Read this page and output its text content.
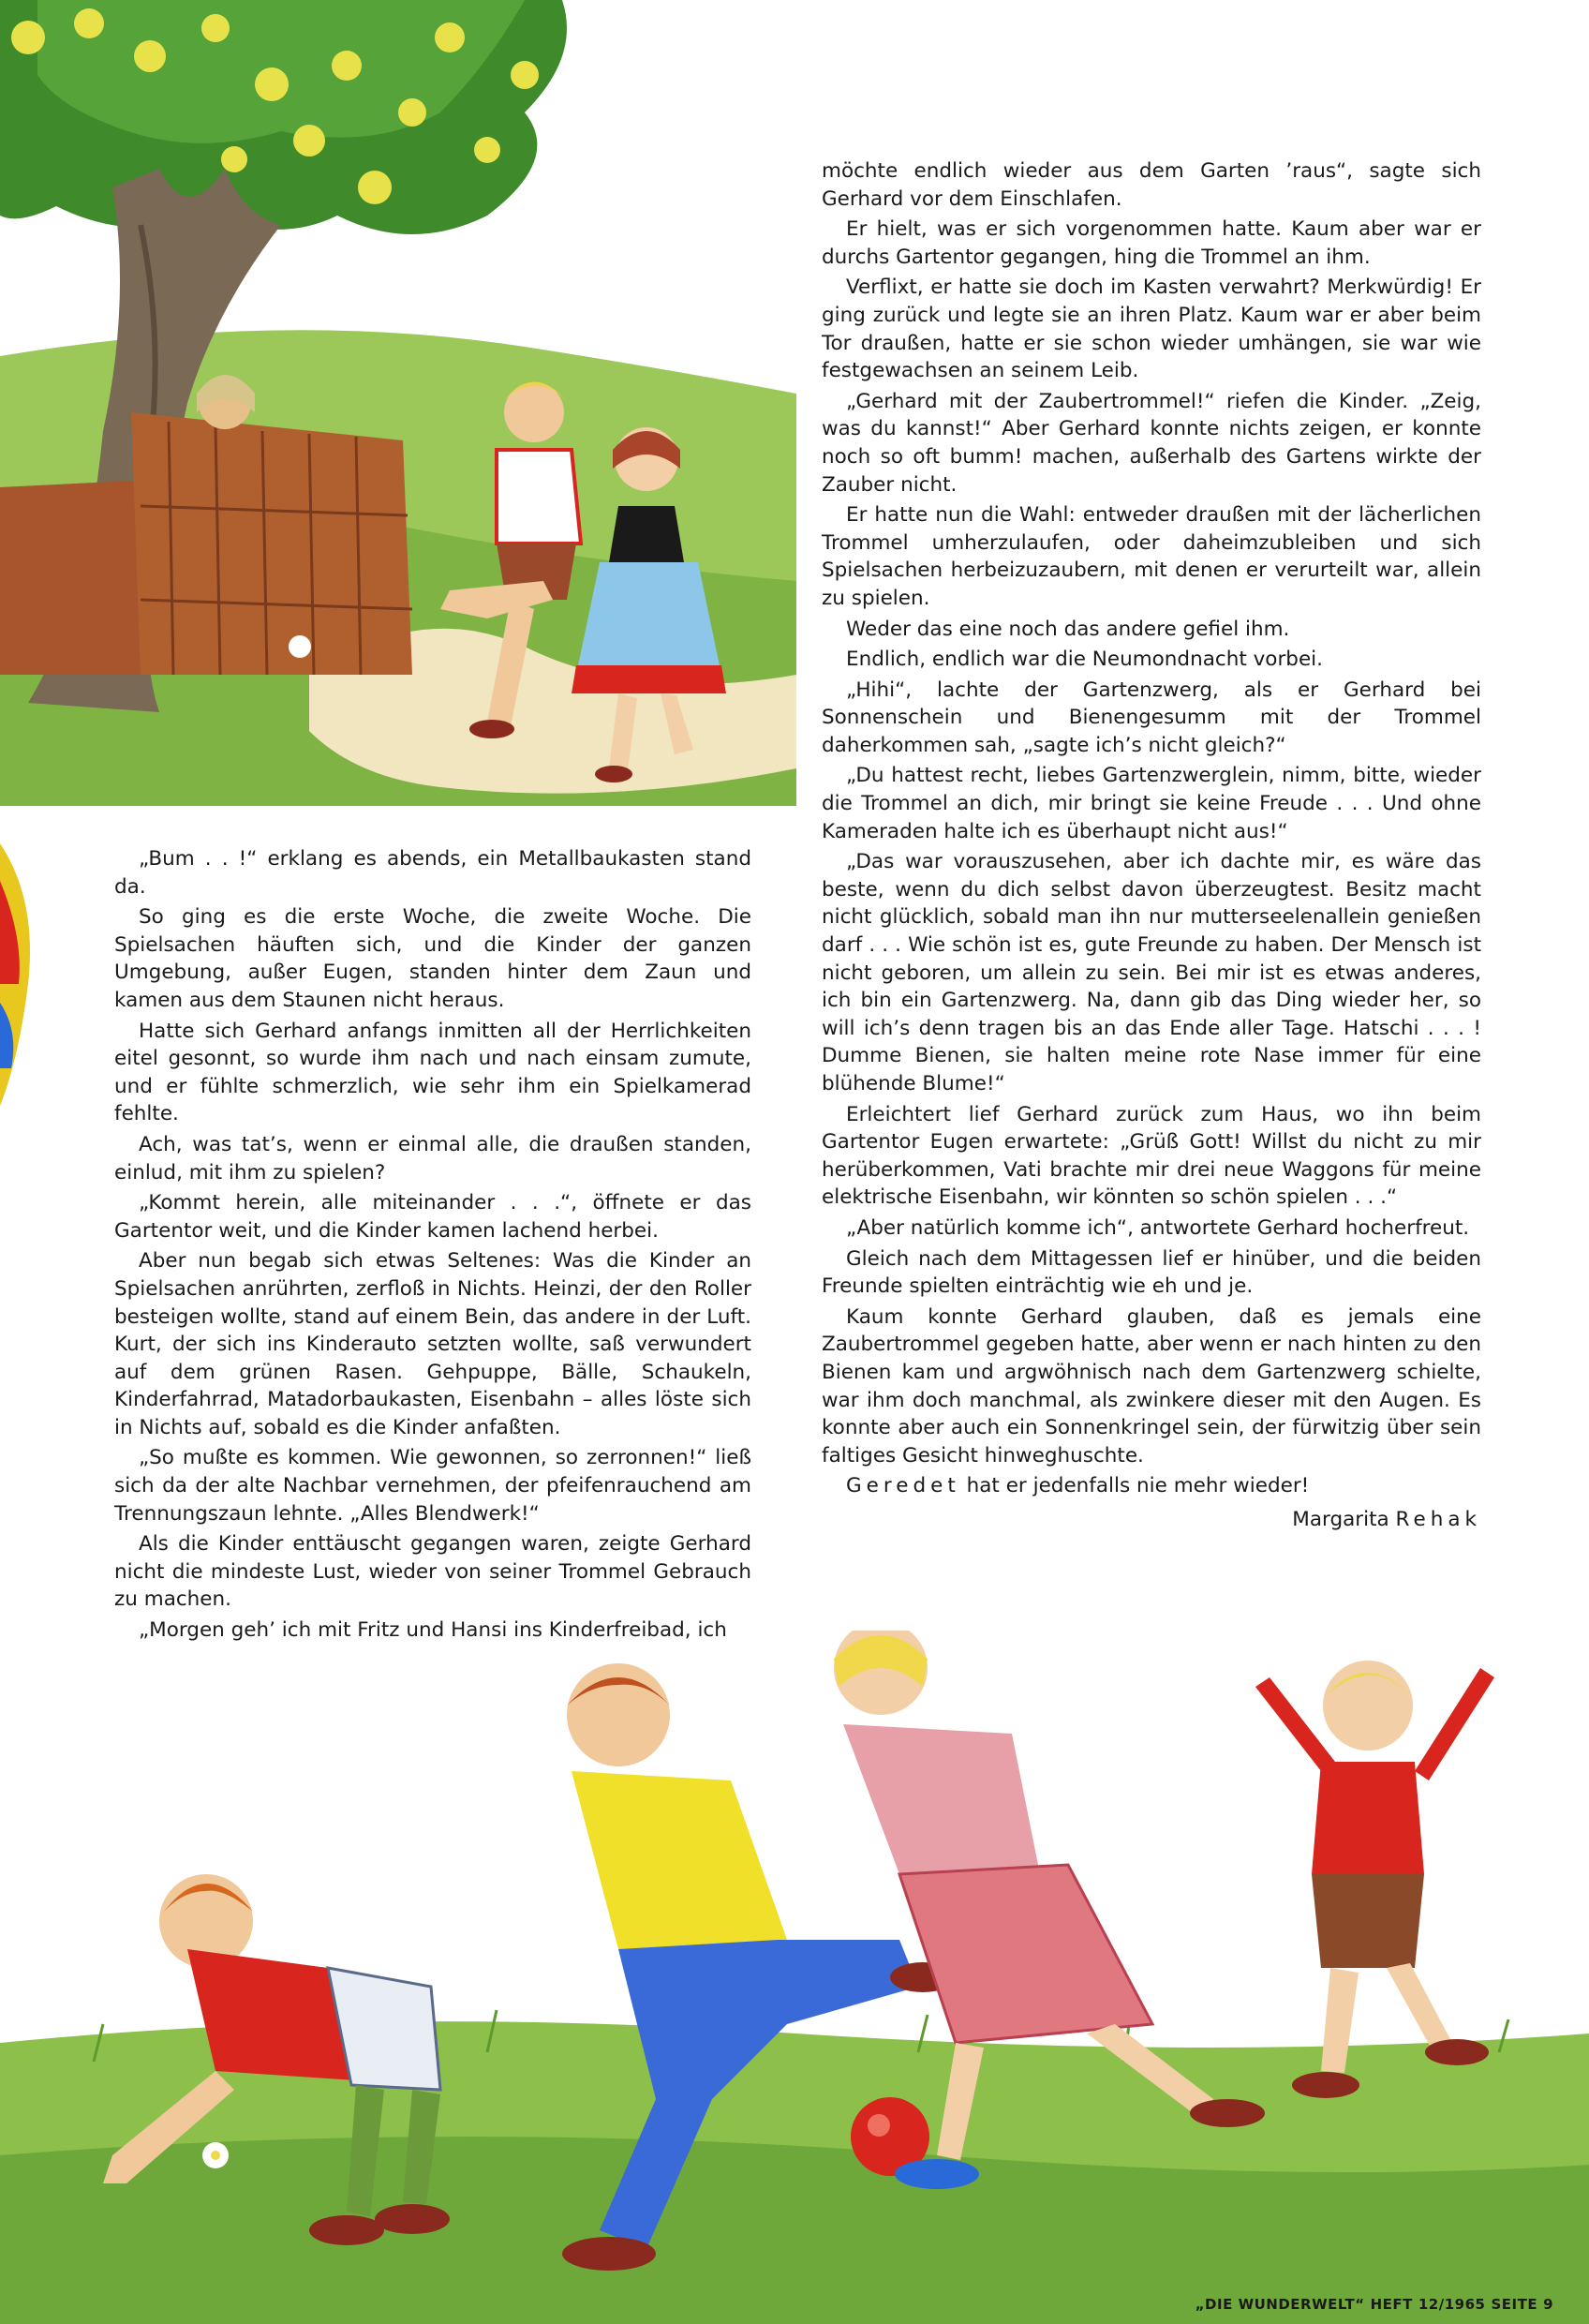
möchte endlich wieder aus dem Garten ’raus“, sagte sich Gerhard vor dem Einschlafen.

Er hielt, was er sich vorgenommen hatte. Kaum aber war er durchs Gartentor gegangen, hing die Trommel an ihm.

Verflixt, er hatte sie doch im Kasten verwahrt? Merkwürdig! Er ging zurück und legte sie an ihren Platz. Kaum war er aber beim Tor draußen, hatte er sie schon wieder umhängen, sie war wie festgewachsen an seinem Leib.

„Gerhard mit der Zaubertrommel!“ riefen die Kinder. „Zeig, was du kannst!“ Aber Gerhard konnte nichts zeigen, er konnte noch so oft bumm! machen, außerhalb des Gartens wirkte der Zauber nicht.

Er hatte nun die Wahl: entweder draußen mit der lächerlichen Trommel umherzulaufen, oder daheimzubleiben und sich Spielsachen herbeizuzaubern, mit denen er verurteilt war, allein zu spielen.

Weder das eine noch das andere gefiel ihm.

Endlich, endlich war die Neumondnacht vorbei.

„Hihi“, lachte der Gartenzwerg, als er Gerhard bei Sonnenschein und Bienengesumm mit der Trommel daherkommen sah, „sagte ich’s nicht gleich?“

„Du hattest recht, liebes Gartenzwerglein, nimm, bitte, wieder die Trommel an dich, mir bringt sie keine Freude . . . Und ohne Kameraden halte ich es überhaupt nicht aus!“

„Das war vorauszusehen, aber ich dachte mir, es wäre das beste, wenn du dich selbst davon überzeugtest. Besitz macht nicht glücklich, sobald man ihn nur mutterseelenallein genießen darf . . . Wie schön ist es, gute Freunde zu haben. Der Mensch ist nicht geboren, um allein zu sein. Bei mir ist es etwas anderes, ich bin ein Gartenzwerg. Na, dann gib das Ding wieder her, so will ich’s denn tragen bis an das Ende aller Tage. Hatschi . . . ! Dumme Bienen, sie halten meine rote Nase immer für eine blühende Blume!“

Erleichtert lief Gerhard zurück zum Haus, wo ihn beim Gartentor Eugen erwartete: „Grüß Gott! Willst du nicht zu mir herüberkommen, Vati brachte mir drei neue Waggons für meine elektrische Eisenbahn, wir könnten so schön spielen . . .“

„Aber natürlich komme ich“, antwortete Gerhard hocherfreut.

Gleich nach dem Mittagessen lief er hinüber, und die beiden Freunde spielten einträchtig wie eh und je.

Kaum konnte Gerhard glauben, daß es jemals eine Zaubertrommel gegeben hatte, aber wenn er nach hinten zu den Bienen kam und argwöhnisch nach dem Gartenzwerg schielte, war ihm doch manchmal, als zwinkere dieser mit den Augen. Es konnte aber auch ein Sonnenkringel sein, der fürwitzig über sein faltiges Gesicht hinweghuschte.

Geredet hat er jedenfalls nie mehr wieder!

Margarita Rehak

„Bum . . !“ erklang es abends, ein Metallbaukasten stand da.

So ging es die erste Woche, die zweite Woche. Die Spielsachen häuften sich, und die Kinder der ganzen Umgebung, außer Eugen, standen hinter dem Zaun und kamen aus dem Staunen nicht heraus.

Hatte sich Gerhard anfangs inmitten all der Herrlichkeiten eitel gesonnt, so wurde ihm nach und nach einsam zumute, und er fühlte schmerzlich, wie sehr ihm ein Spielkamerad fehlte.

Ach, was tat’s, wenn er einmal alle, die draußen standen, einlud, mit ihm zu spielen?

„Kommt herein, alle miteinander . . .“, öffnete er das Gartentor weit, und die Kinder kamen lachend herbei.

Aber nun begab sich etwas Seltenes: Was die Kinder an Spielsachen anrührten, zerfloß in Nichts. Heinzi, der den Roller besteigen wollte, stand auf einem Bein, das andere in der Luft. Kurt, der sich ins Kinderauto setzten wollte, saß verwundert auf dem grünen Rasen. Gehpuppe, Bälle, Schaukeln, Kinderfahrrad, Matadorbaukasten, Eisenbahn – alles löste sich in Nichts auf, sobald es die Kinder anfaßten.

„So mußte es kommen. Wie gewonnen, so zerronnen!“ ließ sich da der alte Nachbar vernehmen, der pfeifenrauchend am Trennungszaun lehnte. „Alles Blendwerk!“

Als die Kinder enttäuscht gegangen waren, zeigte Gerhard nicht die mindeste Lust, wieder von seiner Trommel Gebrauch zu machen.

„Morgen geh’ ich mit Fritz und Hansi ins Kinderfreibad, ich

„DIE WUNDERWELT“ HEFT 12/1965 SEITE 9
